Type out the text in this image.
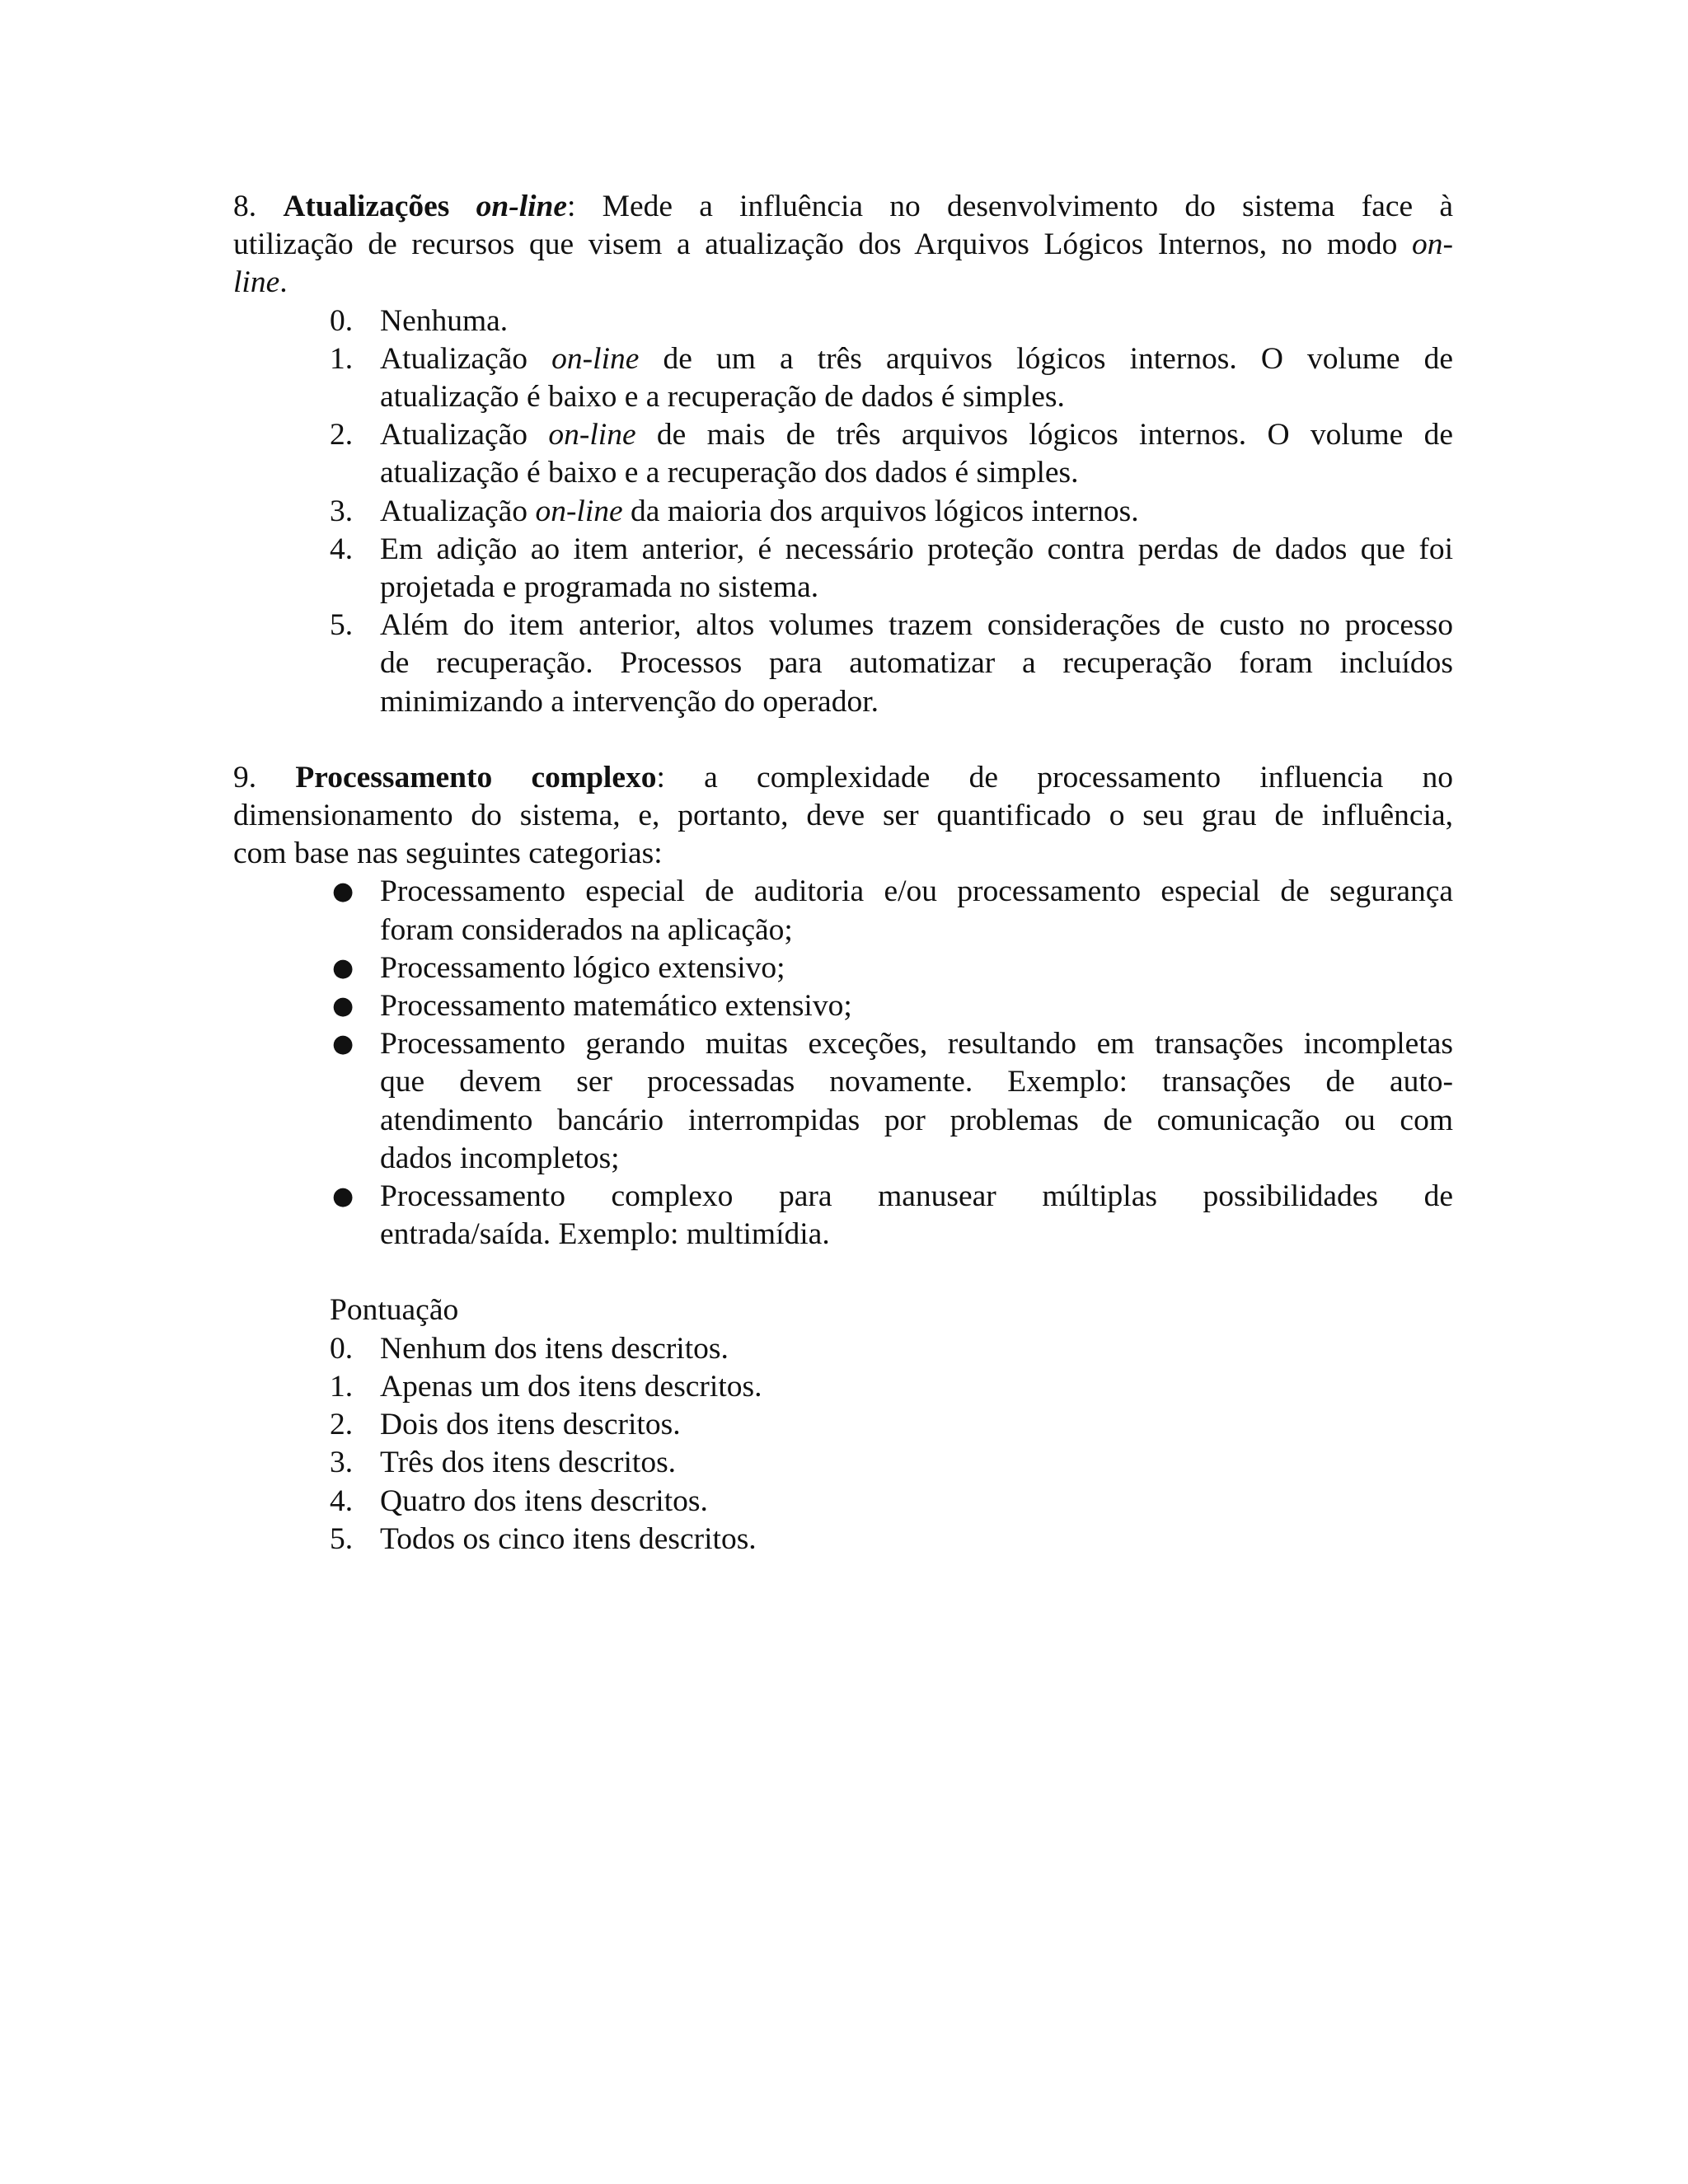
8. Atualizações on-line: Mede a influência no desenvolvimento do sistema face à
utilização de recursos que visem a atualização dos Arquivos Lógicos Internos, no modo on-
line.
0. Nenhuma.
1. Atualização on-line de um a três arquivos lógicos internos. O volume de
atualização é baixo e a recuperação de dados é simples.
2. Atualização on-line de mais de três arquivos lógicos internos. O volume de
atualização é baixo e a recuperação dos dados é simples.
3. Atualização on-line da maioria dos arquivos lógicos internos.
4. Em adição ao item anterior, é necessário proteção contra perdas de dados que foi
projetada e programada no sistema.
5. Além do item anterior, altos volumes trazem considerações de custo no processo
de recuperação. Processos para automatizar a recuperação foram incluídos
minimizando a intervenção do operador.
9. Processamento complexo: a complexidade de processamento influencia no
dimensionamento do sistema, e, portanto, deve ser quantificado o seu grau de influência,
com base nas seguintes categorias:
● Processamento especial de auditoria e/ou processamento especial de segurança
foram considerados na aplicação;
● Processamento lógico extensivo;
● Processamento matemático extensivo;
● Processamento gerando muitas exceções, resultando em transações incompletas
que devem ser processadas novamente. Exemplo: transações de auto-
atendimento bancário interrompidas por problemas de comunicação ou com
dados incompletos;
● Processamento complexo para manusear múltiplas possibilidades de
entrada/saída. Exemplo: multimídia.
Pontuação
0. Nenhum dos itens descritos.
1. Apenas um dos itens descritos.
2. Dois dos itens descritos.
3. Três dos itens descritos.
4. Quatro dos itens descritos.
5. Todos os cinco itens descritos.
